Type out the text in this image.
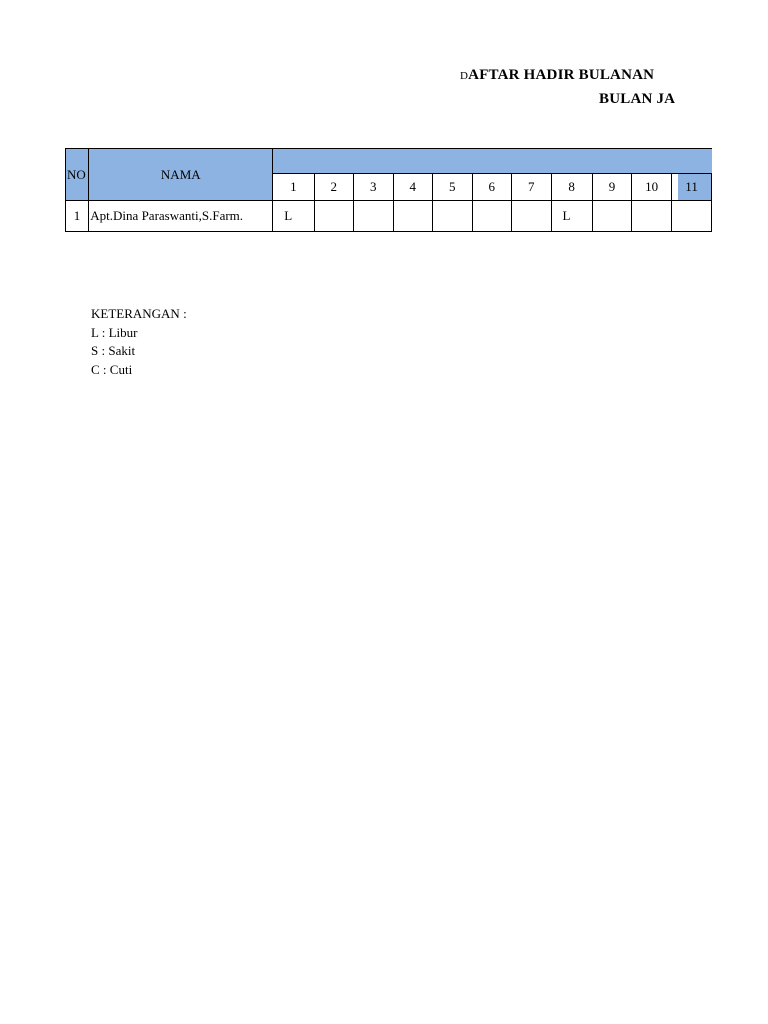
DAFTAR HADIR BULANAN
BULAN JA
NO	NAMA											
		1	2	3	4	5	6	7	8	9	10	11
1	Apt.Dina Paraswanti,S.Farm.	L							L			
KETERANGAN :
L : Libur
S : Sakit
C : Cuti
